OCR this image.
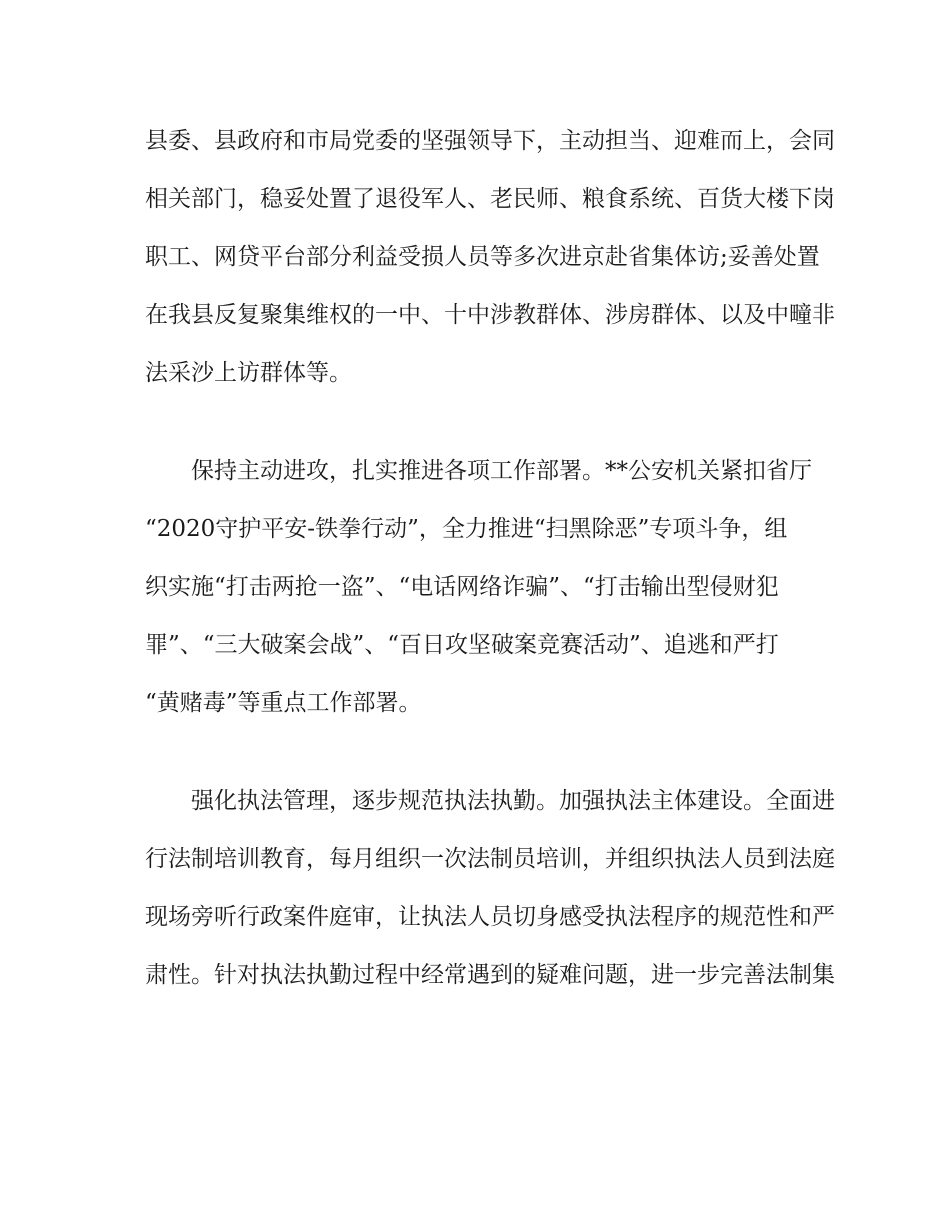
县委、县政府和市局党委的坚强领导下，主动担当、迎难而上，会同
相关部门，稳妥处置了退役军人、老民师、粮食系统、百货大楼下岗
职工、网贷平台部分利益受损人员等多次进京赴省集体访;妥善处置
在我县反复聚集维权的一中、十中涉教群体、涉房群体、以及中疃非
法采沙上访群体等。
保持主动进攻，扎实推进各项工作部署。**公安机关紧扣省厅
“2020守护平安-铁拳行动”，全力推进“扫黑除恶”专项斗争，组
织实施“打击两抢一盗”、“电话网络诈骗”、“打击输出型侵财犯
罪”、“三大破案会战”、“百日攻坚破案竞赛活动”、追逃和严打
“黄赌毒”等重点工作部署。
强化执法管理，逐步规范执法执勤。加强执法主体建设。全面进
行法制培训教育，每月组织一次法制员培训，并组织执法人员到法庭
现场旁听行政案件庭审，让执法人员切身感受执法程序的规范性和严
肃性。针对执法执勤过程中经常遇到的疑难问题，进一步完善法制集
